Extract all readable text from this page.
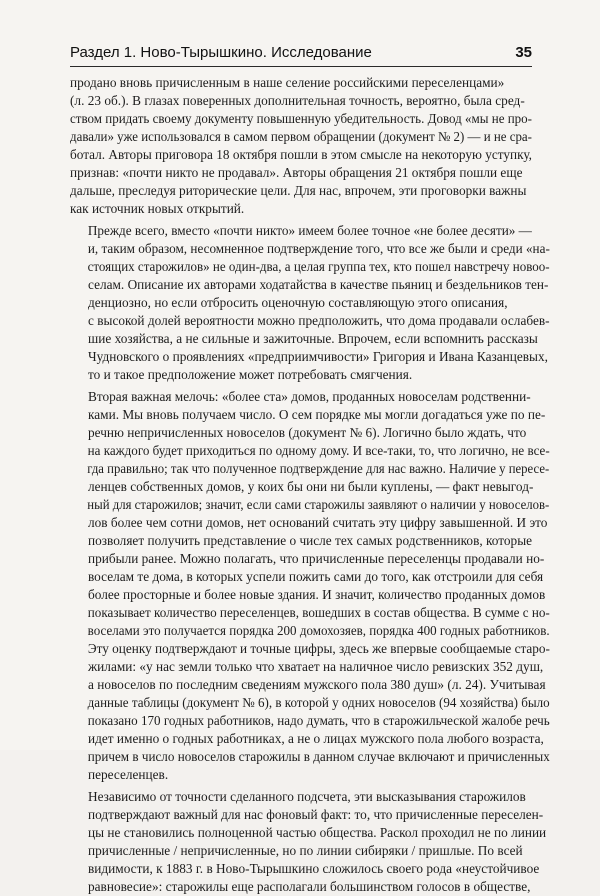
Раздел 1. Ново-Тырышкино. Исследование	35

продано вновь причисленным в наше селение российскими переселенцами»
(л. 23 об.). В глазах поверенных дополнительная точность, вероятно, была сред-
ством придать своему документу повышенную убедительность. Довод «мы не про-
давали» уже использовался в самом первом обращении (документ № 2) — и не сра-
ботал. Авторы приговора 18 октября пошли в этом смысле на некоторую уступку,
признав: «почти никто не продавал». Авторы обращения 21 октября пошли еще
дальше, преследуя риторические цели. Для нас, впрочем, эти проговорки важны
как источник новых открытий.

Прежде всего, вместо «почти никто» имеем более точное «не более десяти» —
и, таким образом, несомненное подтверждение того, что все же были и среди «на-
стоящих старожилов» не один-два, а целая группа тех, кто пошел навстречу новоо-
селам. Описание их авторами ходатайства в качестве пьяниц и бездельников тен-
денциозно, но если отбросить оценочную составляющую этого описания,
с высокой долей вероятности можно предположить, что дома продавали ослабев-
шие хозяйства, а не сильные и зажиточные. Впрочем, если вспомнить рассказы
Чудновского о проявлениях «предприимчивости» Григория и Ивана Казанцевых,
то и такое предположение может потребовать смягчения.

Вторая важная мелочь: «более ста» домов, проданных новоселам родственни-
ками. Мы вновь получаем число. О сем порядке мы могли догадаться уже по пе-
речню непричисленных новоселов (документ № 6). Логично было ждать, что
на каждого будет приходиться по одному дому. И все-таки, то, что логично, не все-
гда правильно; так что полученное подтверждение для нас важно. Наличие у пересе-
ленцев собственных домов, у коих бы они ни были куплены, — факт невыгод-
ный для старожилов; значит, если сами старожилы заявляют о наличии у новоселов-
лов более чем сотни домов, нет оснований считать эту цифру завышенной. И это
позволяет получить представление о числе тех самых родственников, которые
прибыли ранее. Можно полагать, что причисленные переселенцы продавали но-
воселам те дома, в которых успели пожить сами до того, как отстроили для себя
более просторные и более новые здания. И значит, количество проданных домов
показывает количество переселенцев, вошедших в состав общества. В сумме с но-
воселами это получается порядка 200 домохозяев, порядка 400 годных работников.
Эту оценку подтверждают и точные цифры, здесь же впервые сообщаемые старо-
жилами: «у нас земли только что хватает на наличное число ревизских 352 душ,
а новоселов по последним сведениям мужского пола 380 душ» (л. 24). Учитывая
данные таблицы (документ № 6), в которой у одних новоселов (94 хозяйства) было
показано 170 годных работников, надо думать, что в старожильческой жалобе речь
идет именно о годных работниках, а не о лицах мужского пола любого возраста,
причем в число новоселов старожилы в данном случае включают и причисленных
переселенцев.

Независимо от точности сделанного подсчета, эти высказывания старожилов
подтверждают важный для нас фоновый факт: то, что причисленные переселен-
цы не становились полноценной частью общества. Раскол проходил не по линии
причисленные / непричисленные, но по линии сибиряки / пришлые. По всей
видимости, к 1883 г. в Ново-Тырышкино сложилось своего рода «неустойчивое
равновесие»: старожилы еще располагали большинством голосов в обществе,
